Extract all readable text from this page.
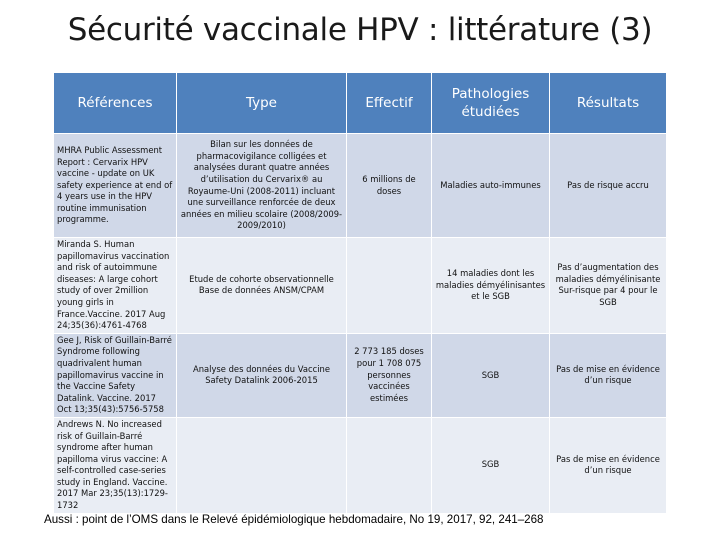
Sécurité vaccinale HPV : littérature (3)
Références	Type	Effectif	Pathologies étudiées	Résultats
MHRA Public Assessment Report : Cervarix HPV vaccine - update on UK safety experience at end of 4 years use in the HPV routine immunisation programme.	Bilan sur les données de pharmacovigilance colligées et analysées durant quatre années d’utilisation du Cervarix® au Royaume-Uni (2008-2011) incluant une surveillance renforcée de deux années en milieu scolaire (2008/2009-2009/2010)	6 millions de doses	Maladies auto-immunes	Pas de risque accru
Miranda S. Human papillomavirus vaccination and risk of autoimmune diseases: A large cohort study of over 2million young girls in France.Vaccine. 2017 Aug 24;35(36):4761-4768	Etude de cohorte observationnelle Base de données ANSM/CPAM		14 maladies dont les maladies démyélinisantes et le SGB	Pas d’augmentation des maladies démyélinisante Sur-risque par 4 pour le SGB
Gee J, Risk of Guillain-Barré Syndrome following quadrivalent human papillomavirus vaccine in the Vaccine Safety Datalink. Vaccine. 2017 Oct 13;35(43):5756-5758	Analyse des données du Vaccine Safety Datalink 2006-2015	2 773 185 doses pour 1 708 075 personnes vaccinées estimées	SGB	Pas de mise en évidence d’un risque
Andrews N. No increased risk of Guillain-Barré syndrome after human papilloma virus vaccine: A self-controlled case-series study in England. Vaccine. 2017 Mar 23;35(13):1729-1732			SGB	Pas de mise en évidence d’un risque
Aussi : point de l’OMS dans le Relevé épidémiologique hebdomadaire, No 19, 2017, 92, 241–268
